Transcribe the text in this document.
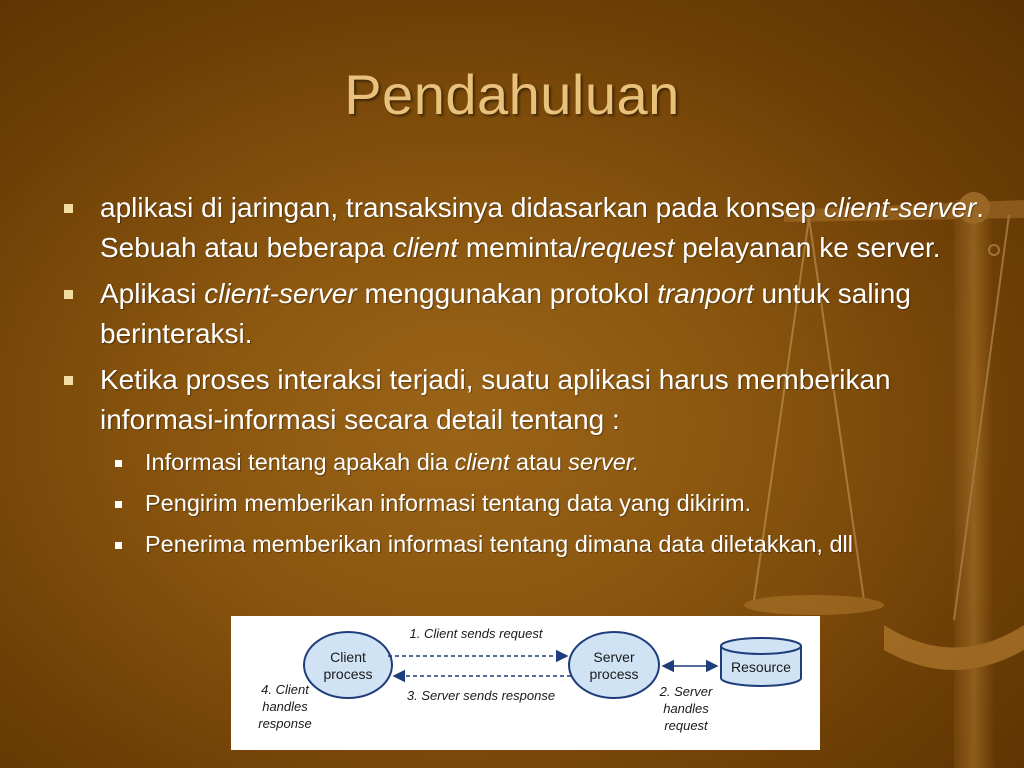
Pendahuluan
aplikasi di jaringan, transaksinya didasarkan pada konsep client-server. Sebuah atau beberapa client meminta/request pelayanan ke server.
Aplikasi client-server menggunakan protokol tranport untuk saling berinteraksi.
Ketika proses interaksi terjadi, suatu aplikasi harus memberikan informasi-informasi secara detail tentang :
Informasi tentang apakah dia client atau server.
Pengirim memberikan informasi tentang data yang dikirim.
Penerima memberikan informasi tentang dimana data diletakkan, dll
Client
process
Server
process	Resource
1. Client sends request
3. Server sends response
4. Client
handles
response
2. Server
handles
request
